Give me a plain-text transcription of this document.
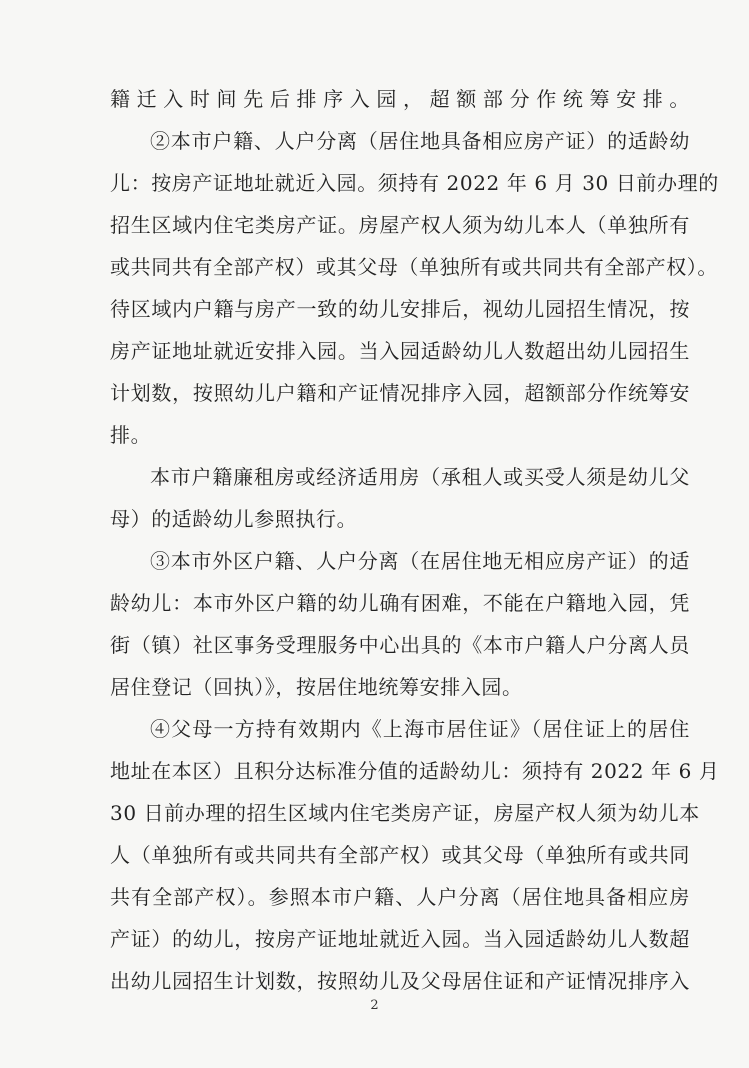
籍迁入时间先后排序入园，超额部分作统筹安排。
②本市户籍、人户分离（居住地具备相应房产证）的适龄幼
儿：按房产证地址就近入园。须持有 2022 年 6 月 30 日前办理的
招生区域内住宅类房产证。房屋产权人须为幼儿本人（单独所有
或共同共有全部产权）或其父母（单独所有或共同共有全部产权）。
待区域内户籍与房产一致的幼儿安排后，视幼儿园招生情况，按
房产证地址就近安排入园。当入园适龄幼儿人数超出幼儿园招生
计划数，按照幼儿户籍和产证情况排序入园，超额部分作统筹安
排。
本市户籍廉租房或经济适用房（承租人或买受人须是幼儿父
母）的适龄幼儿参照执行。
③本市外区户籍、人户分离（在居住地无相应房产证）的适
龄幼儿：本市外区户籍的幼儿确有困难，不能在户籍地入园，凭
街（镇）社区事务受理服务中心出具的《本市户籍人户分离人员
居住登记（回执）》，按居住地统筹安排入园。
④父母一方持有效期内《上海市居住证》（居住证上的居住
地址在本区）且积分达标准分值的适龄幼儿：须持有 2022 年 6 月
30 日前办理的招生区域内住宅类房产证，房屋产权人须为幼儿本
人（单独所有或共同共有全部产权）或其父母（单独所有或共同
共有全部产权）。参照本市户籍、人户分离（居住地具备相应房
产证）的幼儿，按房产证地址就近入园。当入园适龄幼儿人数超
出幼儿园招生计划数，按照幼儿及父母居住证和产证情况排序入
2
